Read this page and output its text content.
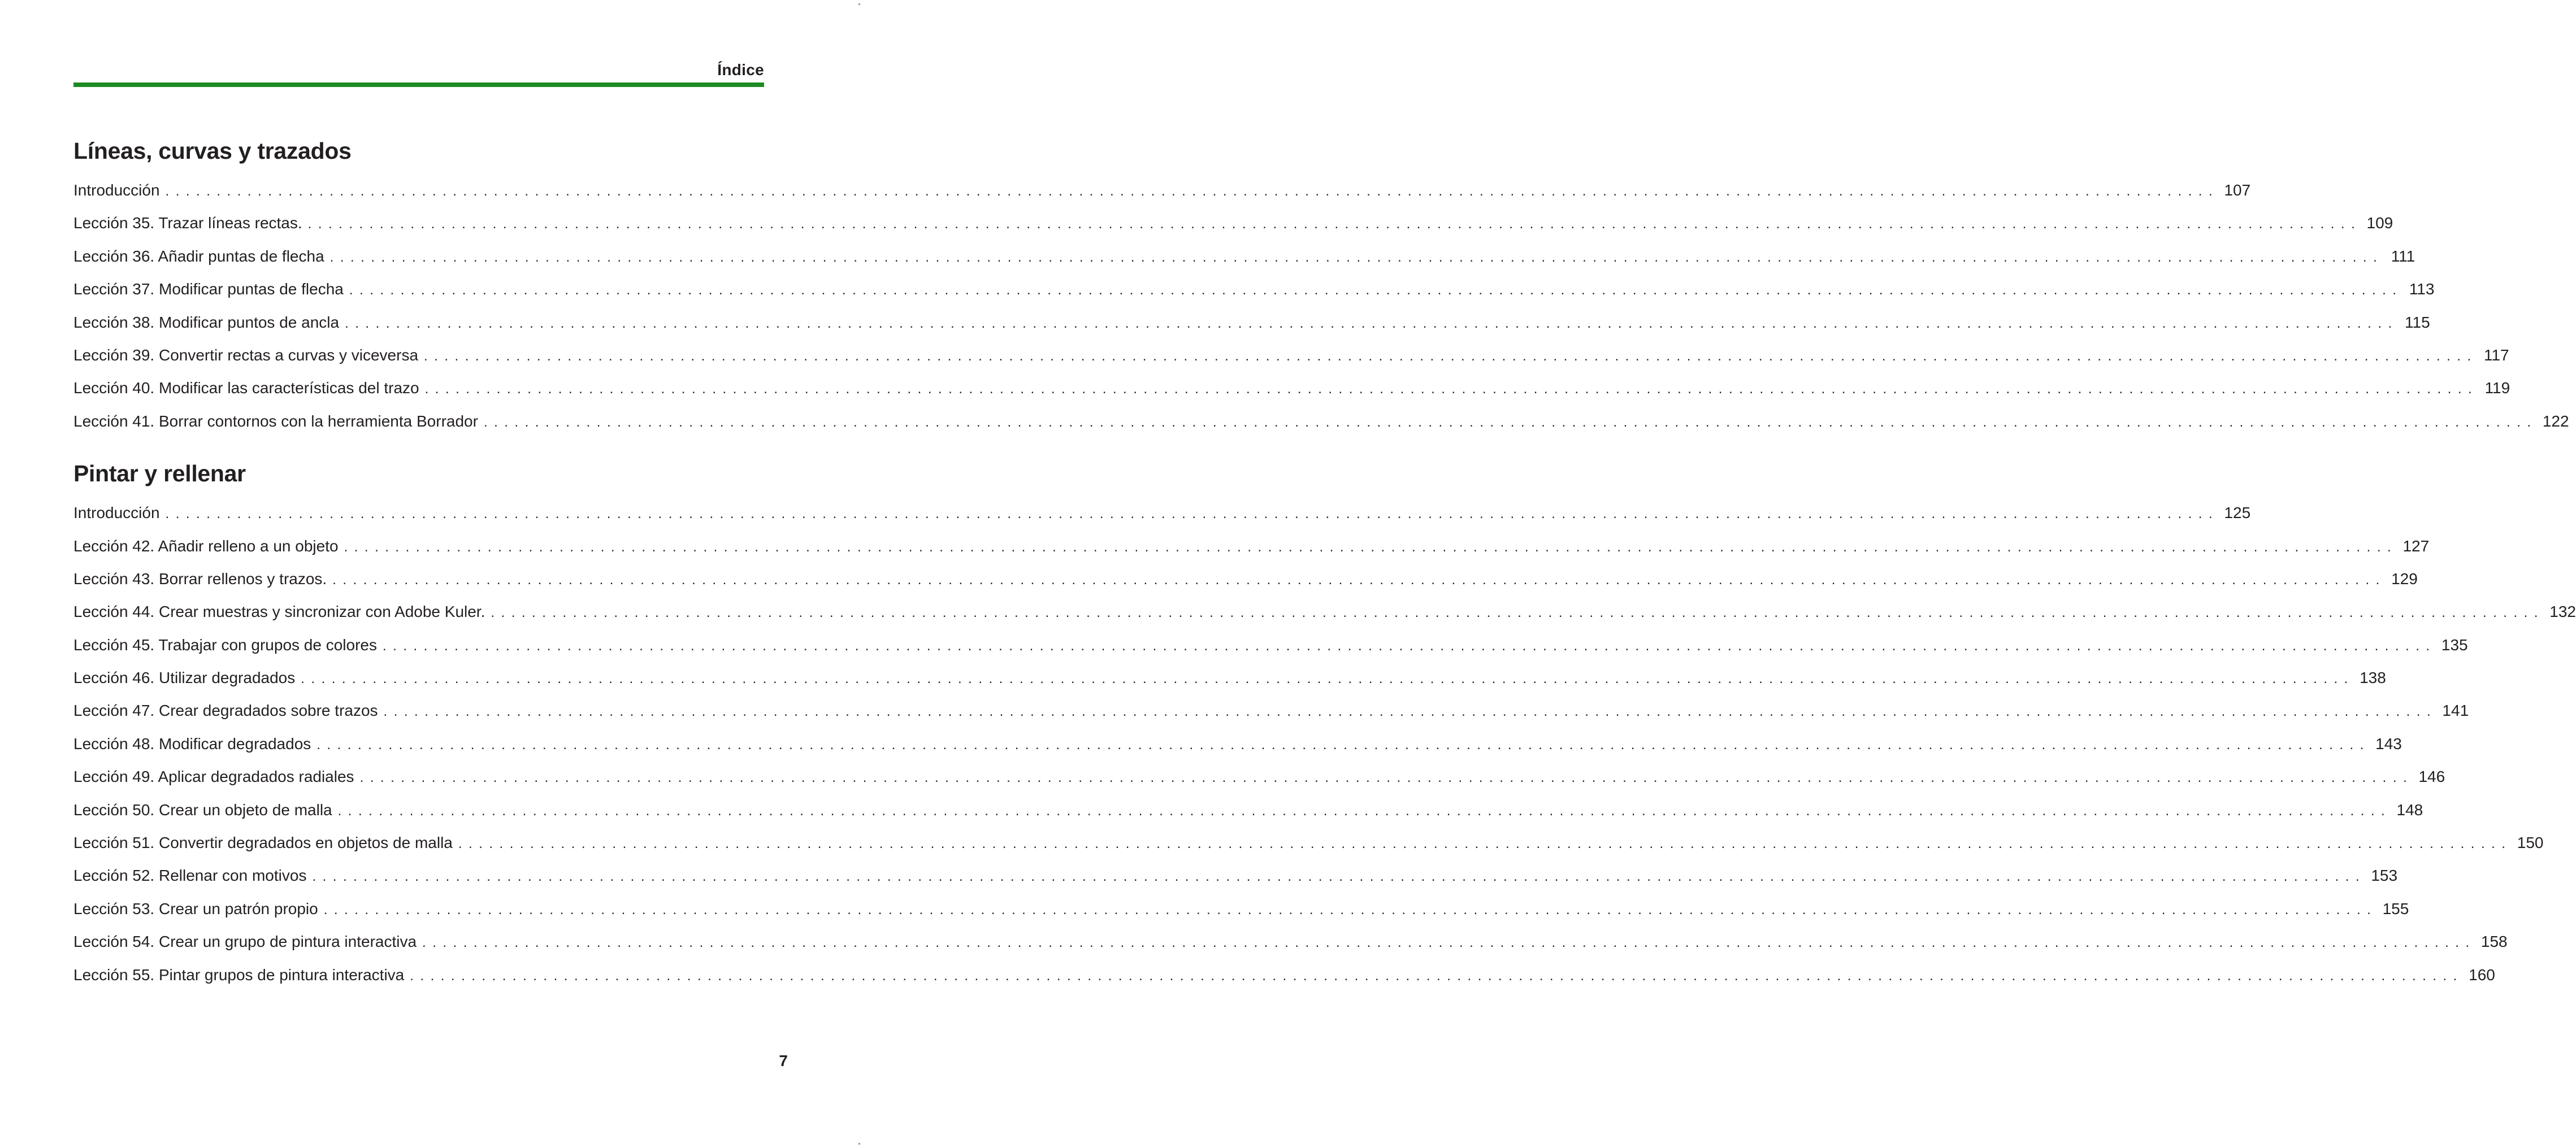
Índice
Líneas, curvas y trazados
Introducción ........................................................................................................................................................................................................ 107
Lección 35. Trazar líneas rectas. ........................................................................................................................................................................................................ 109
Lección 36. Añadir puntas de flecha ........................................................................................................................................................................................................ 111
Lección 37. Modificar puntas de flecha ........................................................................................................................................................................................................ 113
Lección 38. Modificar puntos de ancla ........................................................................................................................................................................................................ 115
Lección 39. Convertir rectas a curvas y viceversa ........................................................................................................................................................................................................ 117
Lección 40. Modificar las características del trazo ........................................................................................................................................................................................................ 119
Lección 41. Borrar contornos con la herramienta Borrador ........................................................................................................................................................................................................ 122
Pintar y rellenar
Introducción ........................................................................................................................................................................................................ 125
Lección 42. Añadir relleno a un objeto ........................................................................................................................................................................................................ 127
Lección 43. Borrar rellenos y trazos. ........................................................................................................................................................................................................ 129
Lección 44. Crear muestras y sincronizar con Adobe Kuler. ........................................................................................................................................................................................................ 132
Lección 45. Trabajar con grupos de colores ........................................................................................................................................................................................................ 135
Lección 46. Utilizar degradados ........................................................................................................................................................................................................ 138
Lección 47. Crear degradados sobre trazos ........................................................................................................................................................................................................ 141
Lección 48. Modificar degradados ........................................................................................................................................................................................................ 143
Lección 49. Aplicar degradados radiales ........................................................................................................................................................................................................ 146
Lección 50. Crear un objeto de malla ........................................................................................................................................................................................................ 148
Lección 51. Convertir degradados en objetos de malla ........................................................................................................................................................................................................ 150
Lección 52. Rellenar con motivos ........................................................................................................................................................................................................ 153
Lección 53. Crear un patrón propio ........................................................................................................................................................................................................ 155
Lección 54. Crear un grupo de pintura interactiva ........................................................................................................................................................................................................ 158
Lección 55. Pintar grupos de pintura interactiva ........................................................................................................................................................................................................ 160
7
